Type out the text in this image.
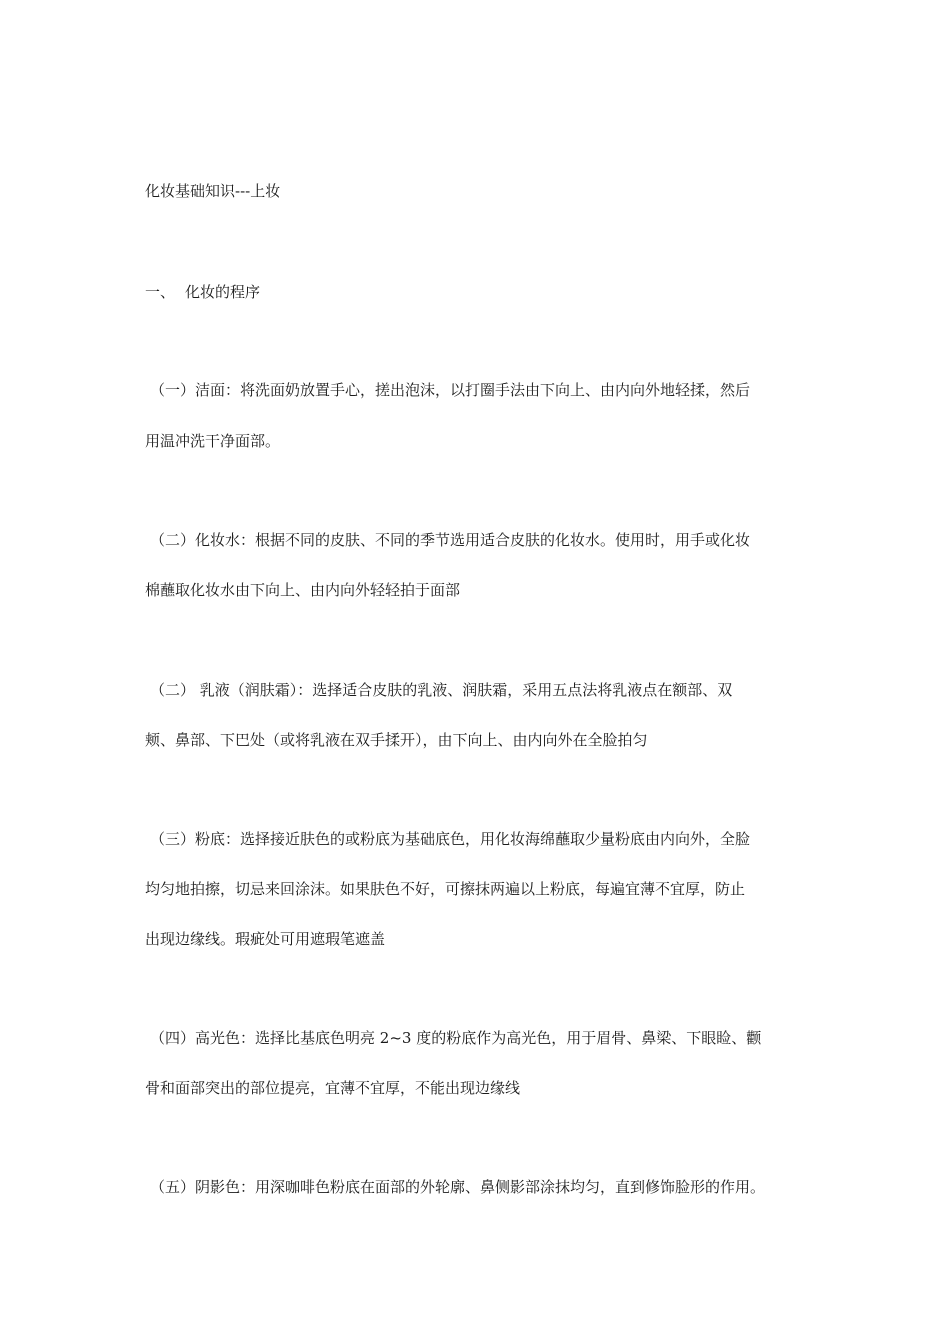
化妆基础知识---上妆
一、 化妆的程序
（一）洁面：将洗面奶放置手心，搓出泡沫，以打圈手法由下向上、由内向外地轻揉，然后
用温冲洗干净面部。
（二）化妆水：根据不同的皮肤、不同的季节选用适合皮肤的化妆水。使用时，用手或化妆
棉蘸取化妆水由下向上、由内向外轻轻拍于面部
（二） 乳液（润肤霜）：选择适合皮肤的乳液、润肤霜，采用五点法将乳液点在额部、双
颊、鼻部、下巴处（或将乳液在双手揉开），由下向上、由内向外在全脸拍匀
（三）粉底：选择接近肤色的或粉底为基础底色，用化妆海绵蘸取少量粉底由内向外，全脸
均匀地拍擦，切忌来回涂沫。如果肤色不好，可擦抹两遍以上粉底，每遍宜薄不宜厚，防止
出现边缘线。瑕疵处可用遮瑕笔遮盖
（四）高光色：选择比基底色明亮 2~3 度的粉底作为高光色，用于眉骨、鼻梁、下眼睑、颧
骨和面部突出的部位提亮，宜薄不宜厚，不能出现边缘线
（五）阴影色：用深咖啡色粉底在面部的外轮廓、鼻侧影部涂抹均匀，直到修饰脸形的作用。
